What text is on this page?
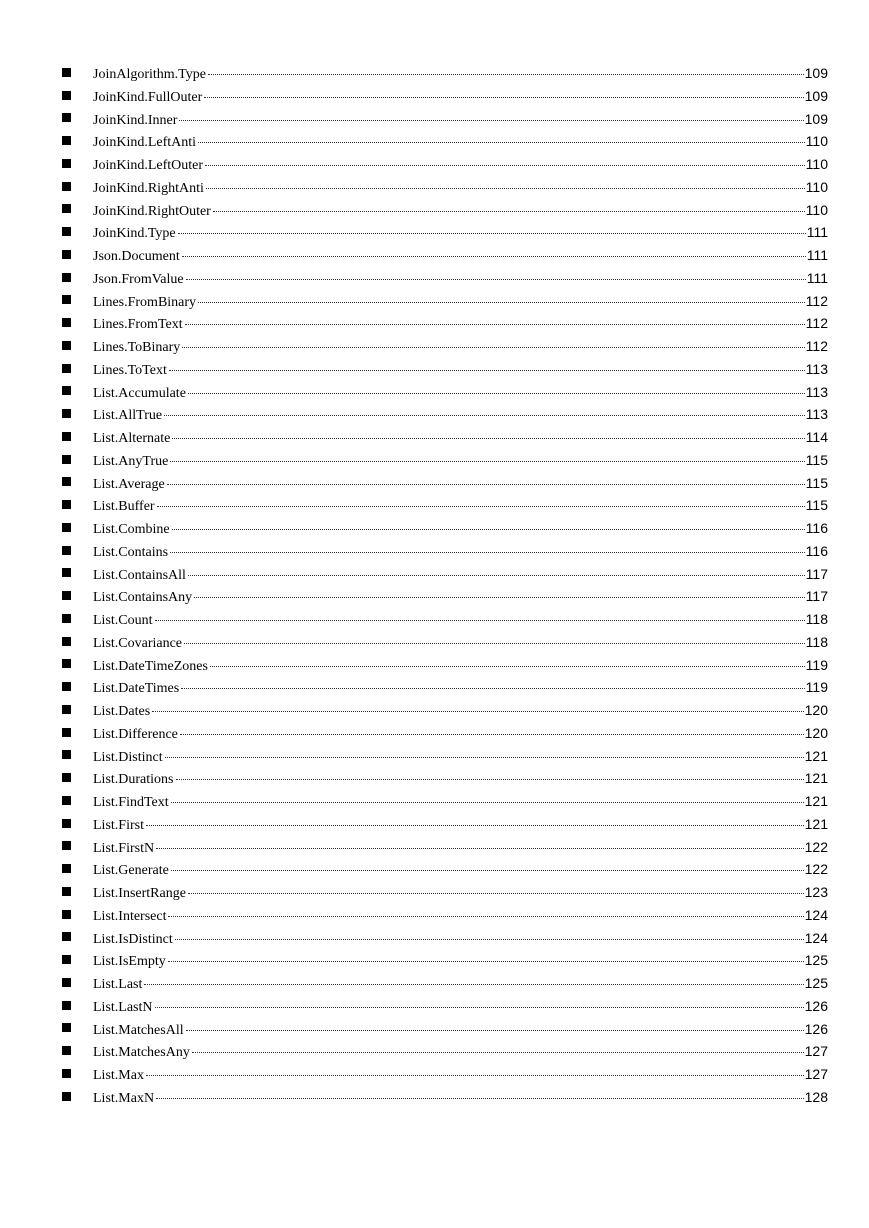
JoinAlgorithm.Type	109
JoinKind.FullOuter	109
JoinKind.Inner	109
JoinKind.LeftAnti	110
JoinKind.LeftOuter	110
JoinKind.RightAnti	110
JoinKind.RightOuter	110
JoinKind.Type	111
Json.Document	111
Json.FromValue	111
Lines.FromBinary	112
Lines.FromText	112
Lines.ToBinary	112
Lines.ToText	113
List.Accumulate	113
List.AllTrue	113
List.Alternate	114
List.AnyTrue	115
List.Average	115
List.Buffer	115
List.Combine	116
List.Contains	116
List.ContainsAll	117
List.ContainsAny	117
List.Count	118
List.Covariance	118
List.DateTimeZones	119
List.DateTimes	119
List.Dates	120
List.Difference	120
List.Distinct	121
List.Durations	121
List.FindText	121
List.First	121
List.FirstN	122
List.Generate	122
List.InsertRange	123
List.Intersect	124
List.IsDistinct	124
List.IsEmpty	125
List.Last	125
List.LastN	126
List.MatchesAll	126
List.MatchesAny	127
List.Max	127
List.MaxN	128
